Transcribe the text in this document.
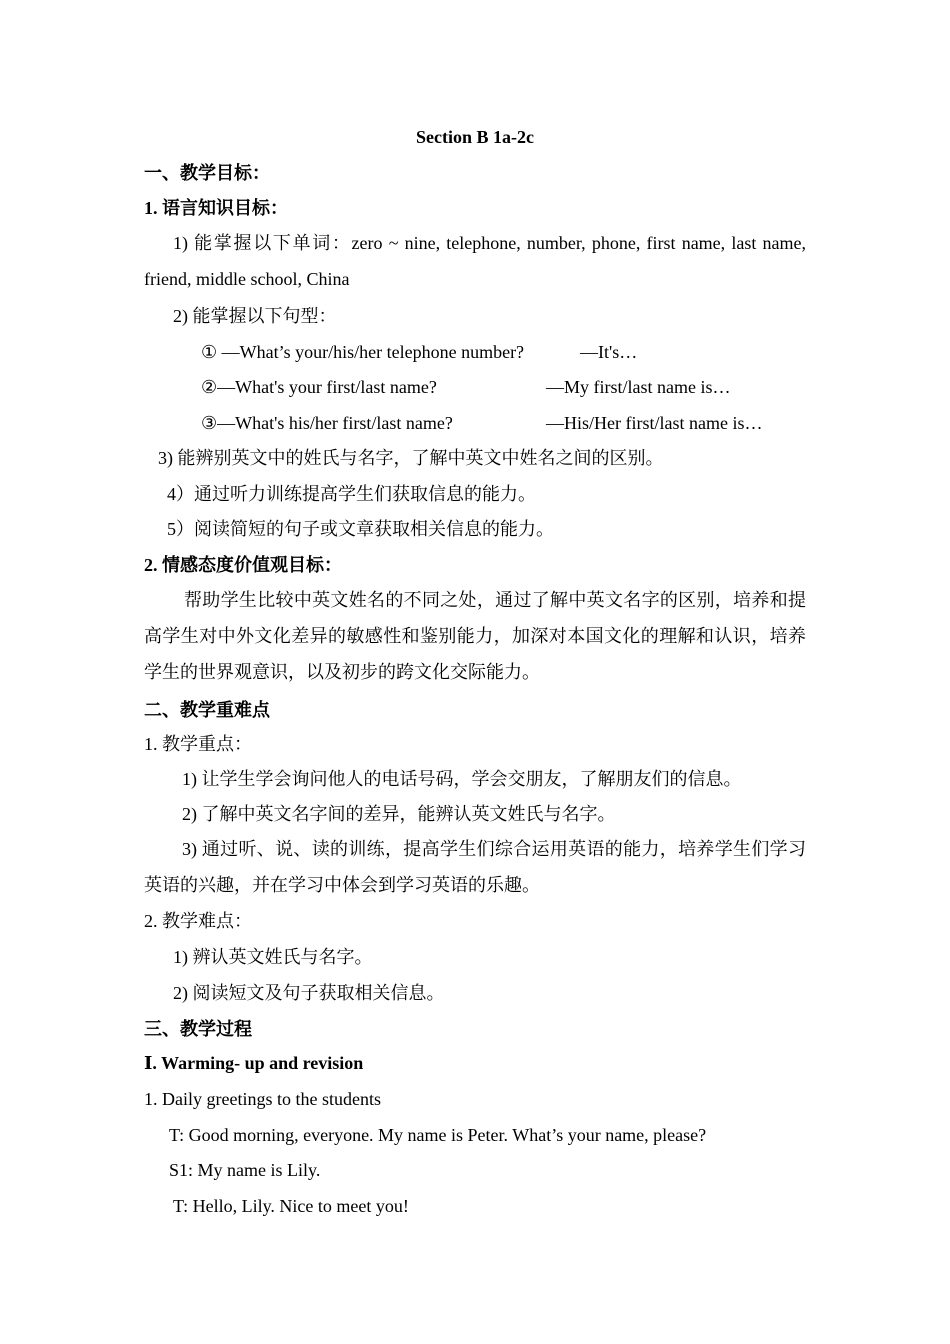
Section B 1a-2c
一、教学目标：
1. 语言知识目标：
1) 能掌握以下单词：zero ~ nine, telephone, number, phone, first name, last name, friend, middle school, China
2) 能掌握以下句型：
① —What’s your/his/her telephone number?	—It's…
②—What's your first/last name?	—My first/last name is…
③—What's his/her first/last name?	—His/Her first/last name is…
3) 能辨别英文中的姓氏与名字，了解中英文中姓名之间的区别。
4）通过听力训练提高学生们获取信息的能力。
5）阅读简短的句子或文章获取相关信息的能力。
2. 情感态度价值观目标：
帮助学生比较中英文姓名的不同之处，通过了解中英文名字的区别，培养和提高学生对中外文化差异的敏感性和鉴别能力，加深对本国文化的理解和认识，培养学生的世界观意识，以及初步的跨文化交际能力。
二、教学重难点
1. 教学重点：
1) 让学生学会询问他人的电话号码，学会交朋友，了解朋友们的信息。
2) 了解中英文名字间的差异，能辨认英文姓氏与名字。
3) 通过听、说、读的训练，提高学生们综合运用英语的能力，培养学生们学习英语的兴趣，并在学习中体会到学习英语的乐趣。
2. 教学难点：
1) 辨认英文姓氏与名字。
2) 阅读短文及句子获取相关信息。
三、教学过程
Ⅰ. Warming- up and revision
1. Daily greetings to the students
T: Good morning, everyone. My name is Peter. What’s your name, please?
S1: My name is Lily.
T: Hello, Lily. Nice to meet you!
